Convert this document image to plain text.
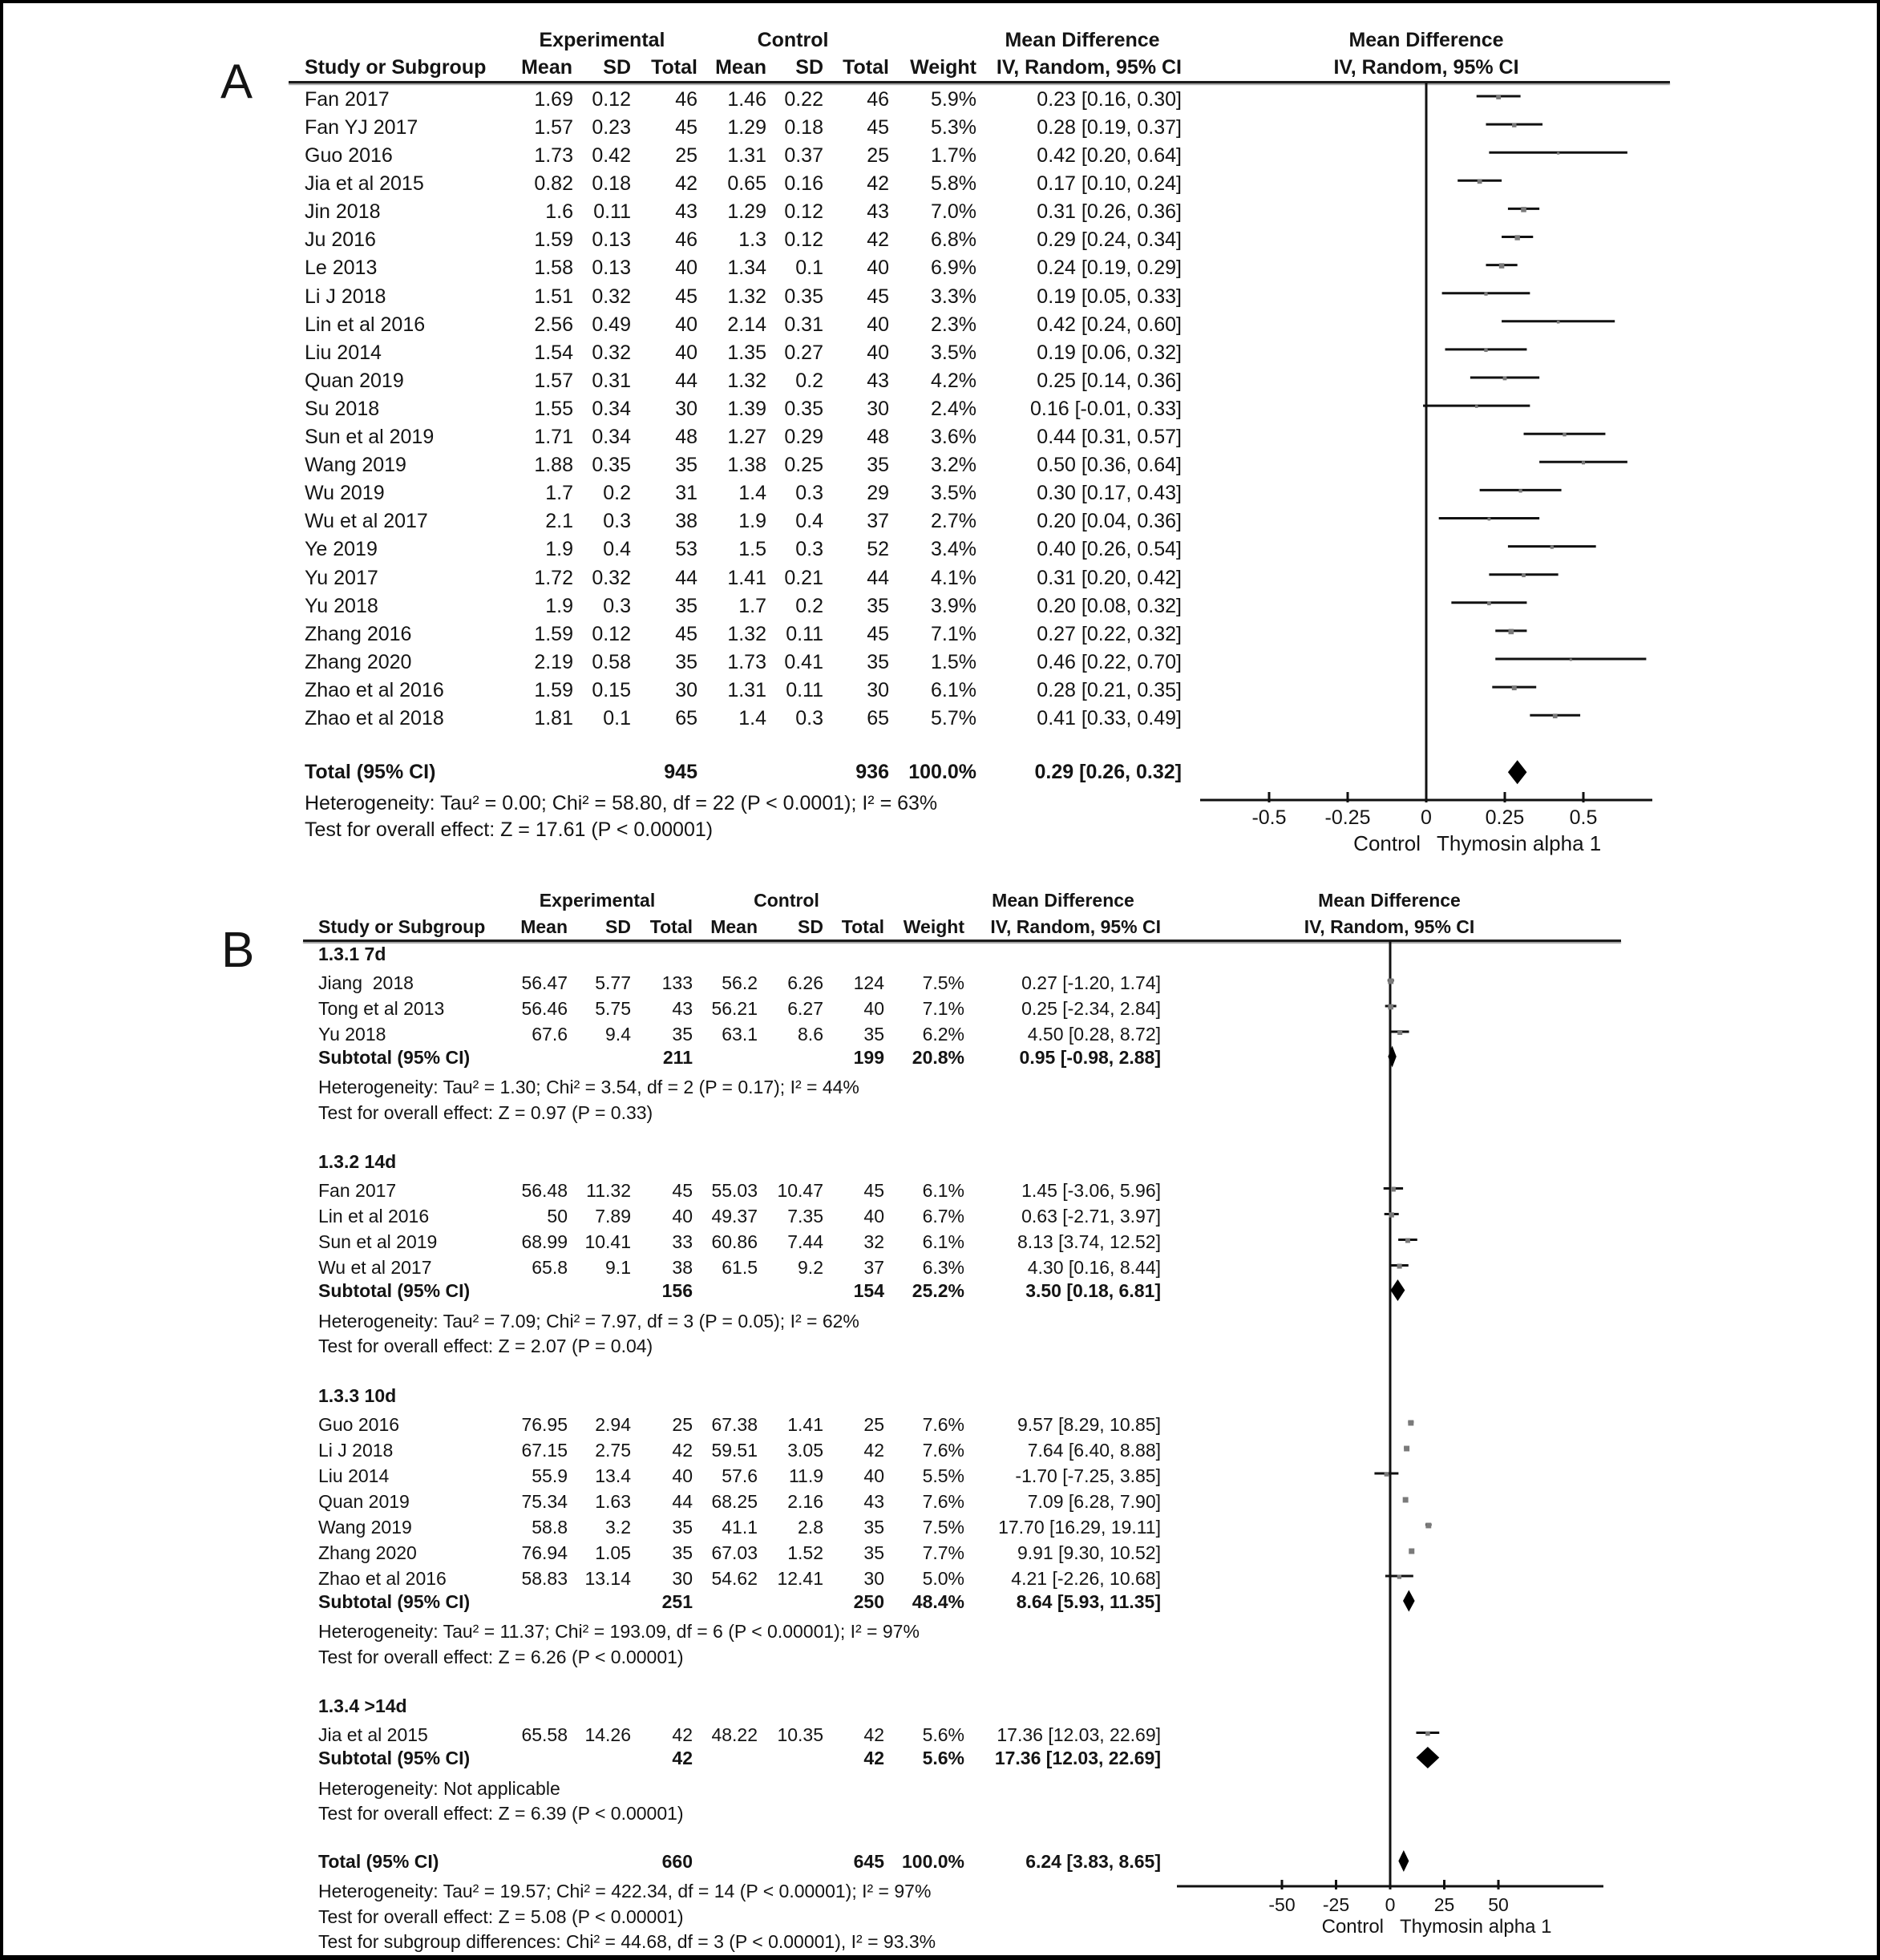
A
Experimental	Control	Mean Difference
Study or Subgroup Mean SD Total Mean SD Total Weight IV, Random, 95% CI
Mean Difference
IV, Random, 95% CI
-0.5	-0.25	0	0.25	0.5
Control Thymosin alpha 1
Fan 2017	1.69 0.12 46 1.46 0.22 46 5.9%	0.23 [0.16, 0.30]
Fan YJ 2017	1.57 0.23 45 1.29 0.18 45 5.3%	0.28 [0.19, 0.37]
Guo 2016	1.73 0.42 25 1.31 0.37 25 1.7%	0.42 [0.20, 0.64]
Jia et al 2015	0.82 0.18 42 0.65 0.16 42 5.8%	0.17 [0.10, 0.24]
Jin 2018	1.6 0.11 43 1.29 0.12 43 7.0%	0.31 [0.26, 0.36]
Ju 2016	1.59 0.13 46 1.3 0.12 42 6.8%	0.29 [0.24, 0.34]
Le 2013	1.58 0.13 40 1.34 0.1 40 6.9%	0.24 [0.19, 0.29]
Li J 2018	1.51 0.32 45 1.32 0.35 45 3.3%	0.19 [0.05, 0.33]
Lin et al 2016	2.56 0.49 40 2.14 0.31 40 2.3%	0.42 [0.24, 0.60]
Liu 2014	1.54 0.32 40 1.35 0.27 40 3.5%	0.19 [0.06, 0.32]
Quan 2019	1.57 0.31 44 1.32 0.2 43 4.2%	0.25 [0.14, 0.36]
Su 2018	1.55 0.34 30 1.39 0.35 30 2.4%	0.16 [-0.01, 0.33]
Sun et al 2019	1.71 0.34 48 1.27 0.29 48 3.6%	0.44 [0.31, 0.57]
Wang 2019	1.88 0.35 35 1.38 0.25 35 3.2%	0.50 [0.36, 0.64]
Wu 2019	1.7 0.2 31 1.4 0.3 29 3.5%	0.30 [0.17, 0.43]
Wu et al 2017	2.1 0.3 38 1.9 0.4 37 2.7%	0.20 [0.04, 0.36]
Ye 2019	1.9 0.4 53 1.5 0.3 52 3.4%	0.40 [0.26, 0.54]
Yu 2017	1.72 0.32 44 1.41 0.21 44 4.1%	0.31 [0.20, 0.42]
Yu 2018	1.9 0.3 35 1.7 0.2 35 3.9%	0.20 [0.08, 0.32]
Zhang 2016	1.59 0.12 45 1.32 0.11 45 7.1%	0.27 [0.22, 0.32]
Zhang 2020	2.19 0.58 35 1.73 0.41 35 1.5%	0.46 [0.22, 0.70]
Zhao et al 2016	1.59 0.15 30 1.31 0.11 30 6.1%	0.28 [0.21, 0.35]
Zhao et al 2018	1.81 0.1 65 1.4 0.3 65 5.7%	0.41 [0.33, 0.49]
Total (95% CI)	945	936 100.0%	0.29 [0.26, 0.32]
Heterogeneity: Tau² = 0.00; Chi² = 58.80, df = 22 (P < 0.0001); I² = 63%
Test for overall effect: Z = 17.61 (P < 0.00001)
B
Experimental	Control	Mean Difference
Study or Subgroup Mean SD Total Mean SD Total Weight IV, Random, 95% CI
Mean Difference
IV, Random, 95% CI
-50	-25	0	25	50
Control Thymosin alpha 1
1.3.1 7d
Jiang  2018	56.47 5.77 133 56.2 6.26 124 7.5%	0.27 [-1.20, 1.74]
Tong et al 2013	56.46 5.75 43 56.21 6.27 40 7.1%	0.25 [-2.34, 2.84]
Yu 2018	67.6 9.4 35 63.1 8.6 35 6.2%	4.50 [0.28, 8.72]
Subtotal (95% CI)	211	199 20.8%	0.95 [-0.98, 2.88]
Heterogeneity: Tau² = 1.30; Chi² = 3.54, df = 2 (P = 0.17); I² = 44%
Test for overall effect: Z = 0.97 (P = 0.33)
1.3.2 14d
Fan 2017	56.48 11.32 45 55.03 10.47 45 6.1%	1.45 [-3.06, 5.96]
Lin et al 2016	50 7.89 40 49.37 7.35 40 6.7%	0.63 [-2.71, 3.97]
Sun et al 2019	68.99 10.41 33 60.86 7.44 32 6.1%	8.13 [3.74, 12.52]
Wu et al 2017	65.8 9.1 38 61.5 9.2 37 6.3%	4.30 [0.16, 8.44]
Subtotal (95% CI)	156	154 25.2%	3.50 [0.18, 6.81]
Heterogeneity: Tau² = 7.09; Chi² = 7.97, df = 3 (P = 0.05); I² = 62%
Test for overall effect: Z = 2.07 (P = 0.04)
1.3.3 10d
Guo 2016	76.95 2.94 25 67.38 1.41 25 7.6%	9.57 [8.29, 10.85]
Li J 2018	67.15 2.75 42 59.51 3.05 42 7.6%	7.64 [6.40, 8.88]
Liu 2014	55.9 13.4 40 57.6 11.9 40 5.5%	-1.70 [-7.25, 3.85]
Quan 2019	75.34 1.63 44 68.25 2.16 43 7.6%	7.09 [6.28, 7.90]
Wang 2019	58.8 3.2 35 41.1 2.8 35 7.5% 17.70 [16.29, 19.11]
Zhang 2020	76.94 1.05 35 67.03 1.52 35 7.7%	9.91 [9.30, 10.52]
Zhao et al 2016	58.83 13.14 30 54.62 12.41 30 5.0%	4.21 [-2.26, 10.68]
Subtotal (95% CI)	251	250 48.4%	8.64 [5.93, 11.35]
Heterogeneity: Tau² = 11.37; Chi² = 193.09, df = 6 (P < 0.00001); I² = 97%
Test for overall effect: Z = 6.26 (P < 0.00001)
1.3.4 >14d
Jia et al 2015	65.58 14.26 42 48.22 10.35 42 5.6% 17.36 [12.03, 22.69]
Subtotal (95% CI)	42	42 5.6% 17.36 [12.03, 22.69]
Heterogeneity: Not applicable
Test for overall effect: Z = 6.39 (P < 0.00001)
Total (95% CI)	660	645 100.0%	6.24 [3.83, 8.65]
Heterogeneity: Tau² = 19.57; Chi² = 422.34, df = 14 (P < 0.00001); I² = 97%
Test for overall effect: Z = 5.08 (P < 0.00001)
Test for subgroup differences: Chi² = 44.68, df = 3 (P < 0.00001), I² = 93.3%
